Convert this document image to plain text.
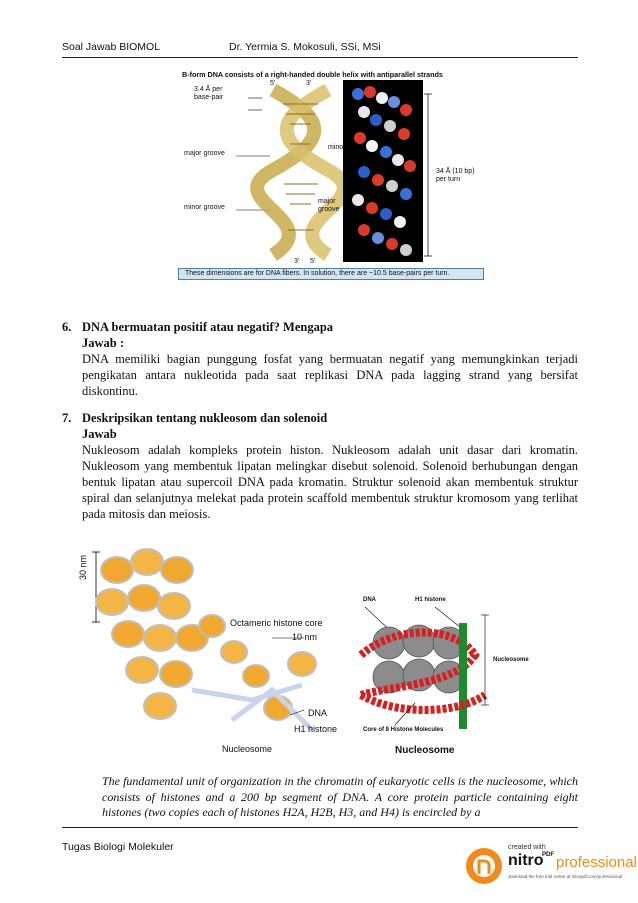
Soal Jawab BIOMOL	Dr. Yermia S. Mokosuli, SSi, MSi
B-form DNA consists of a right-handed double helix with antiparallel strands
3.4 Å per
base-pair
major groove
minor groove
5'	3'
3' 5'
minor
major
groove
34 Å (10 bp)
per turn
These dimensions are for DNA fibers. In solution, there are ~10.5 base-pairs per turn.
6. DNA bermuatan positif atau negatif? Mengapa
Jawab :
DNA memiliki bagian punggung fosfat yang bermuatan negatif yang memungkinkan terjadi pengikatan antara nukleotida pada saat replikasi DNA pada lagging strand yang bersifat diskontinu.
7. Deskripsikan tentang nukleosom dan solenoid
Jawab
Nukleosom adalah kompleks protein histon. Nukleosom adalah unit dasar dari kromatin. Nukleosom yang membentuk lipatan melingkar disebut solenoid. Solenoid berhubungan dengan bentuk lipatan atau supercoil DNA pada kromatin. Struktur solenoid akan membentuk struktur spiral dan selanjutnya melekat pada protein scaffold membentuk struktur kromosom yang terlihat pada mitosis dan meiosis.
30 nm
Octameric histone core
10 nm
DNA
H1 histone
Nucleosome
DNA	H1 histone
Nucleosome
Core of 8 Histone Molecules
Nucleosome
The fundamental unit of organization in the chromatin of eukaryotic cells is the nucleosome, which consists of histones and a 200 bp segment of DNA. A core protein particle containing eight histones (two copies each of histones H2A, H2B, H3, and H4) is encircled by a
Tugas Biologi Molekuler	created with
nitro
PDF professional
download the free trial online at nitropdf.com/professional
